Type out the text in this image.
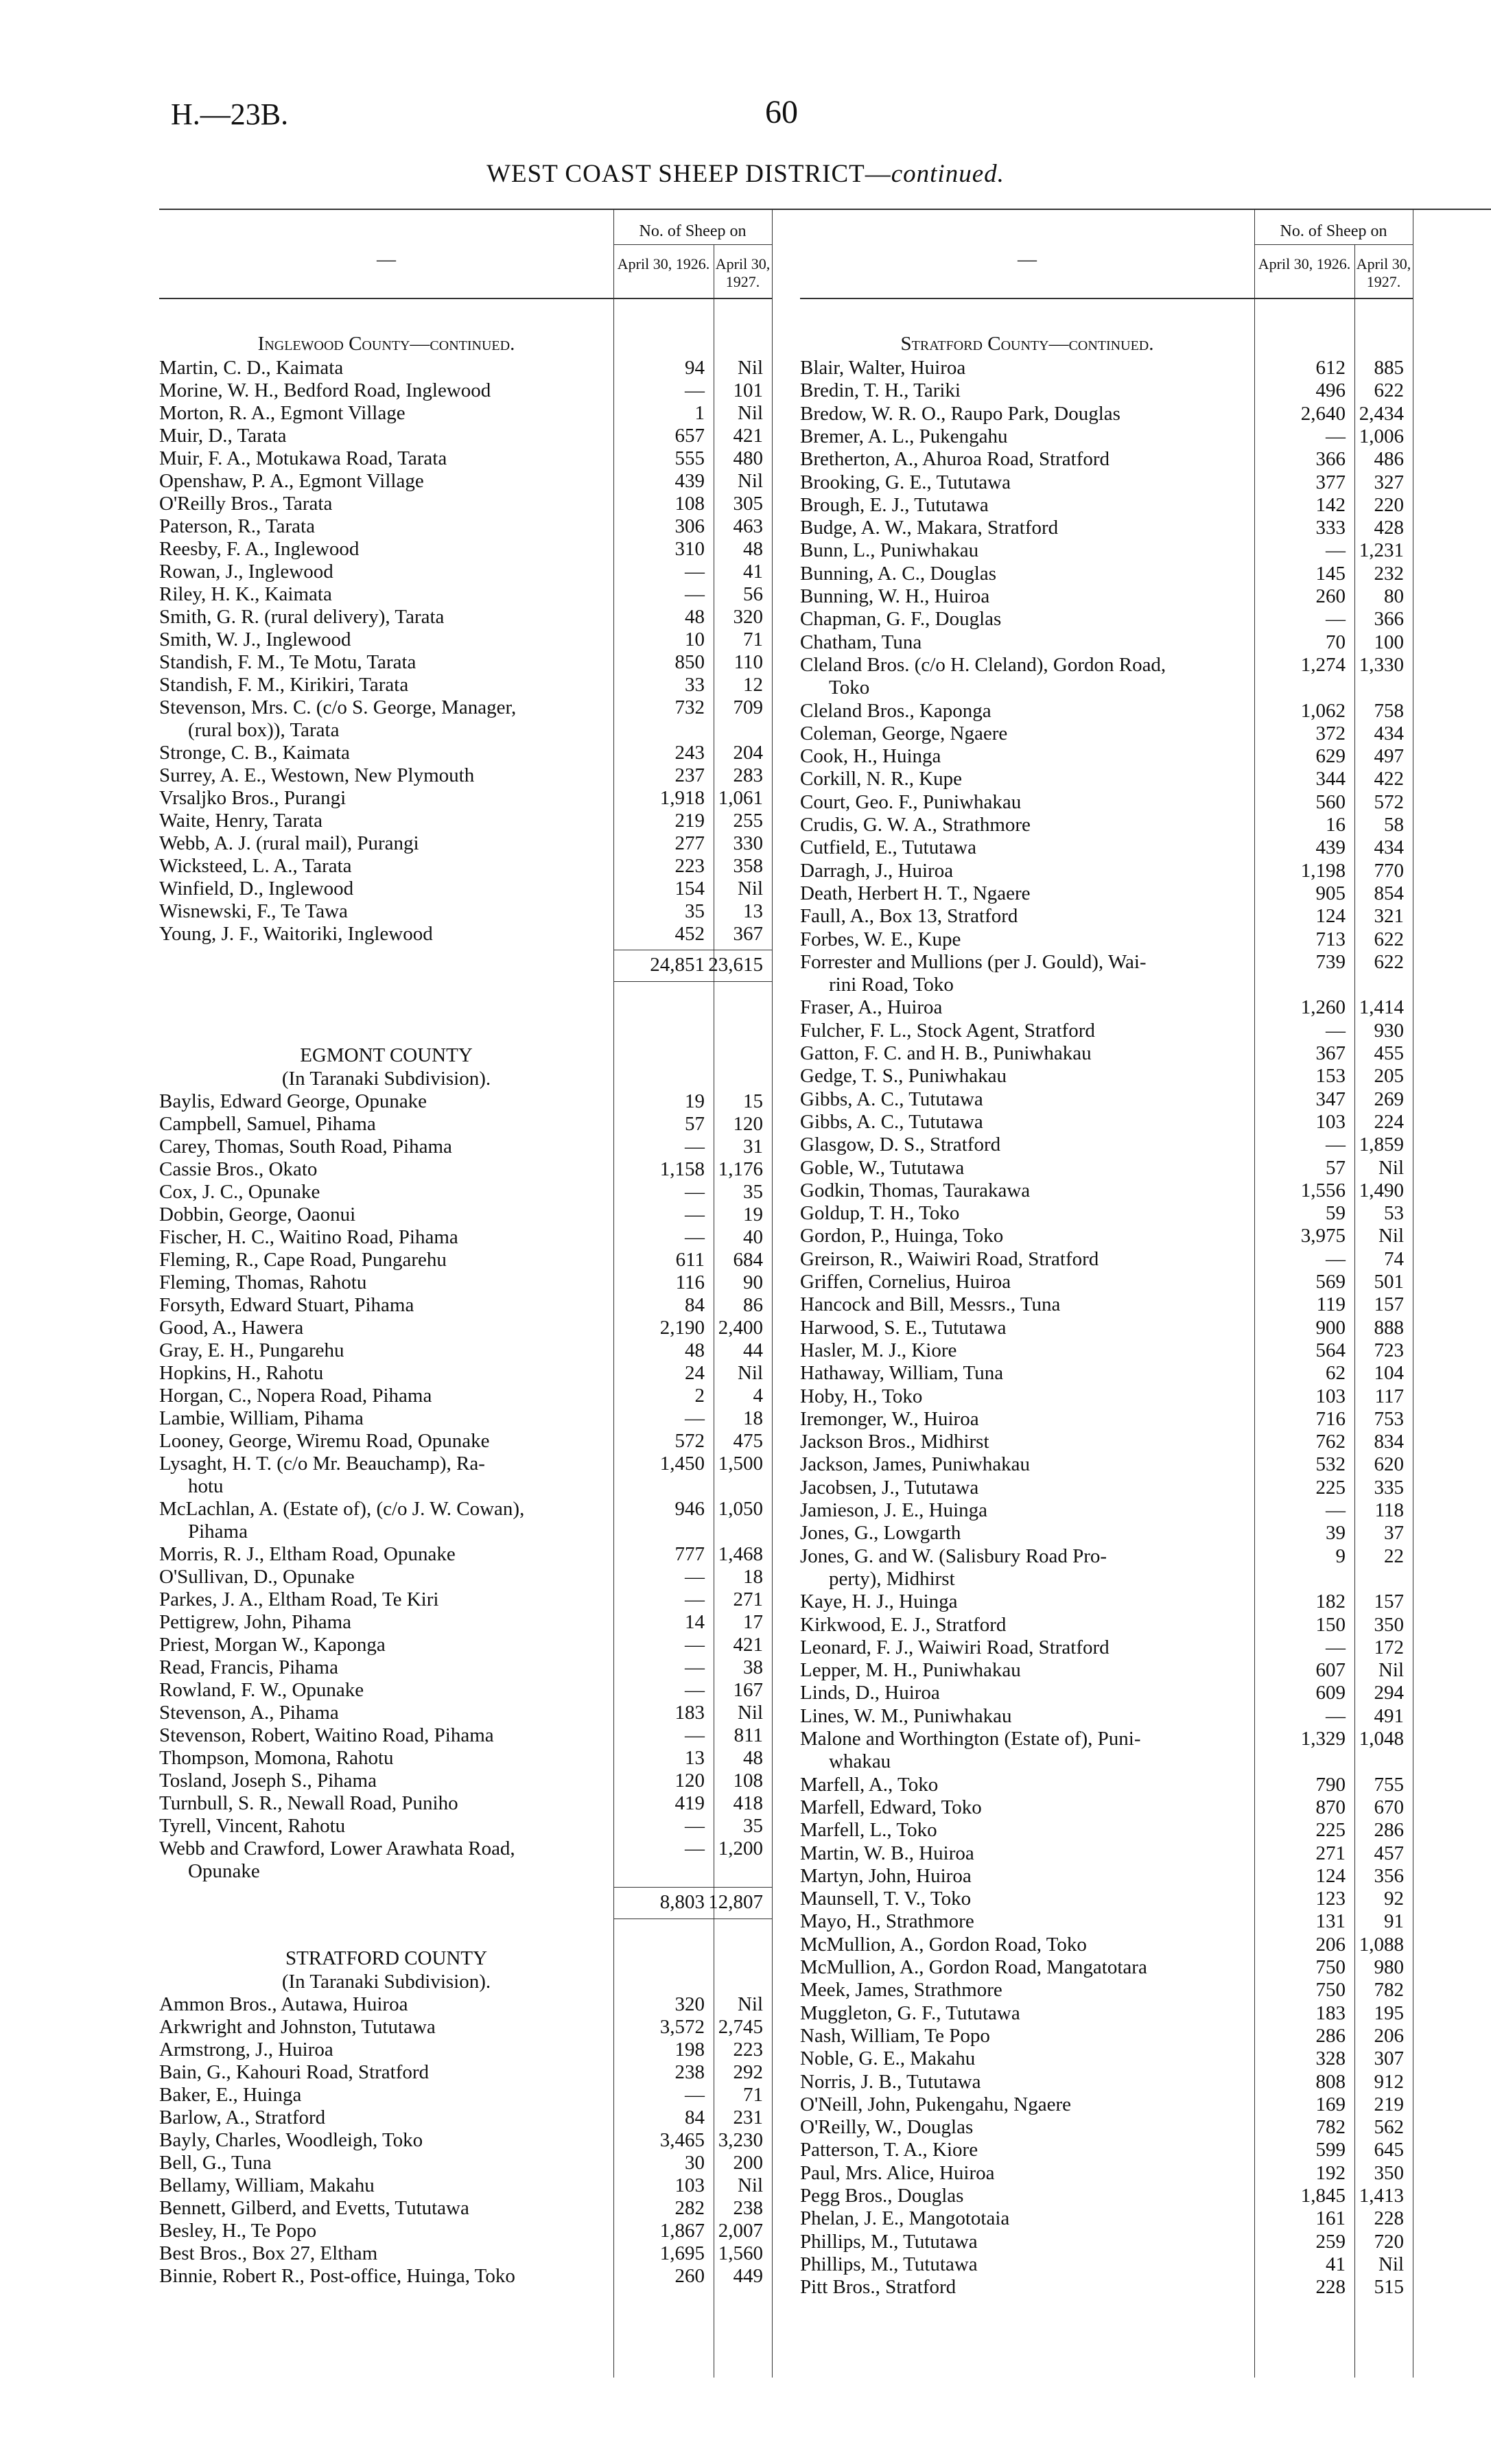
H.—23B.	60
WEST COAST SHEEP DISTRICT—continued.
—
No. of Sheep on
April 30, 1926. April 30, 1927.
Inglewood County—continued.
Martin, C. D., Kaimata	94 Nil
Morine, W. H., Bedford Road, Inglewood	— 101
Morton, R. A., Egmont Village	1 Nil
Muir, D., Tarata	657 421
Muir, F. A., Motukawa Road, Tarata	555 480
Openshaw, P. A., Egmont Village	439 Nil
O'Reilly Bros., Tarata	108 305
Paterson, R., Tarata	306 463
Reesby, F. A., Inglewood	310 48
Rowan, J., Inglewood	— 41
Riley, H. K., Kaimata	— 56
Smith, G. R. (rural delivery), Tarata	48 320
Smith, W. J., Inglewood	10 71
Standish, F. M., Te Motu, Tarata	850 110
Standish, F. M., Kirikiri, Tarata	33 12
Stevenson, Mrs. C. (c/o S. George, Manager,	732 709
(rural box)), Tarata
Stronge, C. B., Kaimata	243 204
Surrey, A. E., Westown, New Plymouth	237 283
Vrsaljko Bros., Purangi	1,918 1,061
Waite, Henry, Tarata	219 255
Webb, A. J. (rural mail), Purangi	277 330
Wicksteed, L. A., Tarata	223 358
Winfield, D., Inglewood	154 Nil
Wisnewski, F., Te Tawa	35 13
Young, J. F., Waitoriki, Inglewood	452 367
24,851 23,615
EGMONT COUNTY
(In Taranaki Subdivision).
Baylis, Edward George, Opunake	19 15
Campbell, Samuel, Pihama	57 120
Carey, Thomas, South Road, Pihama	— 31
Cassie Bros., Okato	1,158 1,176
Cox, J. C., Opunake	— 35
Dobbin, George, Oaonui	— 19
Fischer, H. C., Waitino Road, Pihama	— 40
Fleming, R., Cape Road, Pungarehu	611 684
Fleming, Thomas, Rahotu	116 90
Forsyth, Edward Stuart, Pihama	84 86
Good, A., Hawera	2,190 2,400
Gray, E. H., Pungarehu	48 44
Hopkins, H., Rahotu	24 Nil
Horgan, C., Nopera Road, Pihama	2 4
Lambie, William, Pihama	— 18
Looney, George, Wiremu Road, Opunake	572 475
Lysaght, H. T. (c/o Mr. Beauchamp), Ra-	1,450 1,500
hotu
McLachlan, A. (Estate of), (c/o J. W. Cowan),	946 1,050
Pihama
Morris, R. J., Eltham Road, Opunake	777 1,468
O'Sullivan, D., Opunake	— 18
Parkes, J. A., Eltham Road, Te Kiri	— 271
Pettigrew, John, Pihama	14 17
Priest, Morgan W., Kaponga	— 421
Read, Francis, Pihama	— 38
Rowland, F. W., Opunake	— 167
Stevenson, A., Pihama	183 Nil
Stevenson, Robert, Waitino Road, Pihama	— 811
Thompson, Momona, Rahotu	13 48
Tosland, Joseph S., Pihama	120 108
Turnbull, S. R., Newall Road, Puniho	419 418
Tyrell, Vincent, Rahotu	— 35
Webb and Crawford, Lower Arawhata Road,	— 1,200
Opunake
8,803 12,807
STRATFORD COUNTY
(In Taranaki Subdivision).
Ammon Bros., Autawa, Huiroa	320 Nil
Arkwright and Johnston, Tututawa	3,572 2,745
Armstrong, J., Huiroa	198 223
Bain, G., Kahouri Road, Stratford	238 292
Baker, E., Huinga	— 71
Barlow, A., Stratford	84 231
Bayly, Charles, Woodleigh, Toko	3,465 3,230
Bell, G., Tuna	30 200
Bellamy, William, Makahu	103 Nil
Bennett, Gilberd, and Evetts, Tututawa	282 238
Besley, H., Te Popo	1,867 2,007
Best Bros., Box 27, Eltham	1,695 1,560
Binnie, Robert R., Post-office, Huinga, Toko	260 449
—
No. of Sheep on
April 30, 1926. April 30, 1927.
Stratford County—continued.
Blair, Walter, Huiroa	612 885
Bredin, T. H., Tariki	496 622
Bredow, W. R. O., Raupo Park, Douglas	2,640 2,434
Bremer, A. L., Pukengahu	— 1,006
Bretherton, A., Ahuroa Road, Stratford	366 486
Brooking, G. E., Tututawa	377 327
Brough, E. J., Tututawa	142 220
Budge, A. W., Makara, Stratford	333 428
Bunn, L., Puniwhakau	— 1,231
Bunning, A. C., Douglas	145 232
Bunning, W. H., Huiroa	260 80
Chapman, G. F., Douglas	— 366
Chatham, Tuna	70 100
Cleland Bros. (c/o H. Cleland), Gordon Road,	1,274 1,330
Toko
Cleland Bros., Kaponga	1,062 758
Coleman, George, Ngaere	372 434
Cook, H., Huinga	629 497
Corkill, N. R., Kupe	344 422
Court, Geo. F., Puniwhakau	560 572
Crudis, G. W. A., Strathmore	16 58
Cutfield, E., Tututawa	439 434
Darragh, J., Huiroa	1,198 770
Death, Herbert H. T., Ngaere	905 854
Faull, A., Box 13, Stratford	124 321
Forbes, W. E., Kupe	713 622
Forrester and Mullions (per J. Gould), Wai-	739 622
rini Road, Toko
Fraser, A., Huiroa	1,260 1,414
Fulcher, F. L., Stock Agent, Stratford	— 930
Gatton, F. C. and H. B., Puniwhakau	367 455
Gedge, T. S., Puniwhakau	153 205
Gibbs, A. C., Tututawa	347 269
Gibbs, A. C., Tututawa	103 224
Glasgow, D. S., Stratford	— 1,859
Goble, W., Tututawa	57 Nil
Godkin, Thomas, Taurakawa	1,556 1,490
Goldup, T. H., Toko	59 53
Gordon, P., Huinga, Toko	3,975 Nil
Greirson, R., Waiwiri Road, Stratford	— 74
Griffen, Cornelius, Huiroa	569 501
Hancock and Bill, Messrs., Tuna	119 157
Harwood, S. E., Tututawa	900 888
Hasler, M. J., Kiore	564 723
Hathaway, William, Tuna	62 104
Hoby, H., Toko	103 117
Iremonger, W., Huiroa	716 753
Jackson Bros., Midhirst	762 834
Jackson, James, Puniwhakau	532 620
Jacobsen, J., Tututawa	225 335
Jamieson, J. E., Huinga	— 118
Jones, G., Lowgarth	39 37
Jones, G. and W. (Salisbury Road Pro-	9 22
perty), Midhirst
Kaye, H. J., Huinga	182 157
Kirkwood, E. J., Stratford	150 350
Leonard, F. J., Waiwiri Road, Stratford	— 172
Lepper, M. H., Puniwhakau	607 Nil
Linds, D., Huiroa	609 294
Lines, W. M., Puniwhakau	— 491
Malone and Worthington (Estate of), Puni-	1,329 1,048
whakau
Marfell, A., Toko	790 755
Marfell, Edward, Toko	870 670
Marfell, L., Toko	225 286
Martin, W. B., Huiroa	271 457
Martyn, John, Huiroa	124 356
Maunsell, T. V., Toko	123 92
Mayo, H., Strathmore	131 91
McMullion, A., Gordon Road, Toko	206 1,088
McMullion, A., Gordon Road, Mangatotara	750 980
Meek, James, Strathmore	750 782
Muggleton, G. F., Tututawa	183 195
Nash, William, Te Popo	286 206
Noble, G. E., Makahu	328 307
Norris, J. B., Tututawa	808 912
O'Neill, John, Pukengahu, Ngaere	169 219
O'Reilly, W., Douglas	782 562
Patterson, T. A., Kiore	599 645
Paul, Mrs. Alice, Huiroa	192 350
Pegg Bros., Douglas	1,845 1,413
Phelan, J. E., Mangototaia	161 228
Phillips, M., Tututawa	259 720
Phillips, M., Tututawa	41 Nil
Pitt Bros., Stratford	228 515
